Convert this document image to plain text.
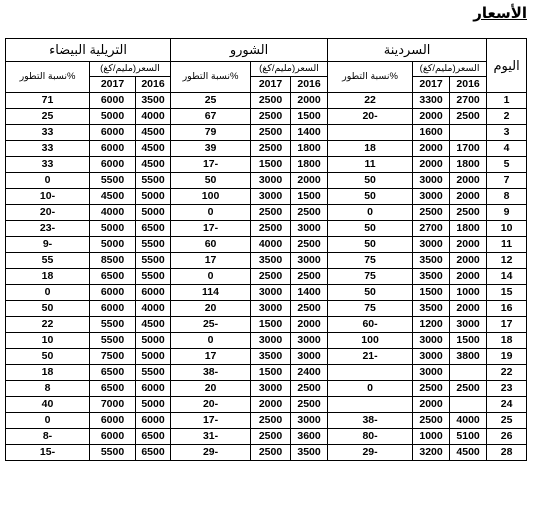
الأسعار
التريلية البيضاء			الشورو			السردينة			اليوم
نسبة التطور%	السعر(مليم/كغ)		نسبة التطور%	السعر(مليم/كغ)		نسبة التطور%	السعر(مليم/كغ)		
	2017	2016		2017	2016		2017	2016	
71	6000	3500	25	2500	2000	22	3300	2700	1
25	5000	4000	67	2500	1500	20-	2000	2500	2
33	6000	4500	79	2500	1400		1600		3
33	6000	4500	39	2500	1800	18	2000	1700	4
33	6000	4500	17-	1500	1800	11	2000	1800	5
0	5500	5500	50	3000	2000	50	3000	2000	7
10-	4500	5000	100	3000	1500	50	3000	2000	8
20-	4000	5000	0	2500	2500	0	2500	2500	9
23-	5000	6500	17-	2500	3000	50	2700	1800	10
9-	5000	5500	60	4000	2500	50	3000	2000	11
55	8500	5500	17	3500	3000	75	3500	2000	12
18	6500	5500	0	2500	2500	75	3500	2000	14
0	6000	6000	114	3000	1400	50	1500	1000	15
50	6000	4000	20	3000	2500	75	3500	2000	16
22	5500	4500	25-	1500	2000	60-	1200	3000	17
10	5500	5000	0	3000	3000	100	3000	1500	18
50	7500	5000	17	3500	3000	21-	3000	3800	19
18	6500	5500	38-	1500	2400		3000		22
8	6500	6000	20	3000	2500	0	2500	2500	23
40	7000	5000	20-	2000	2500		2000		24
0	6000	6000	17-	2500	3000	38-	2500	4000	25
8-	6000	6500	31-	2500	3600	80-	1000	5100	26
15-	5500	6500	29-	2500	3500	29-	3200	4500	28
